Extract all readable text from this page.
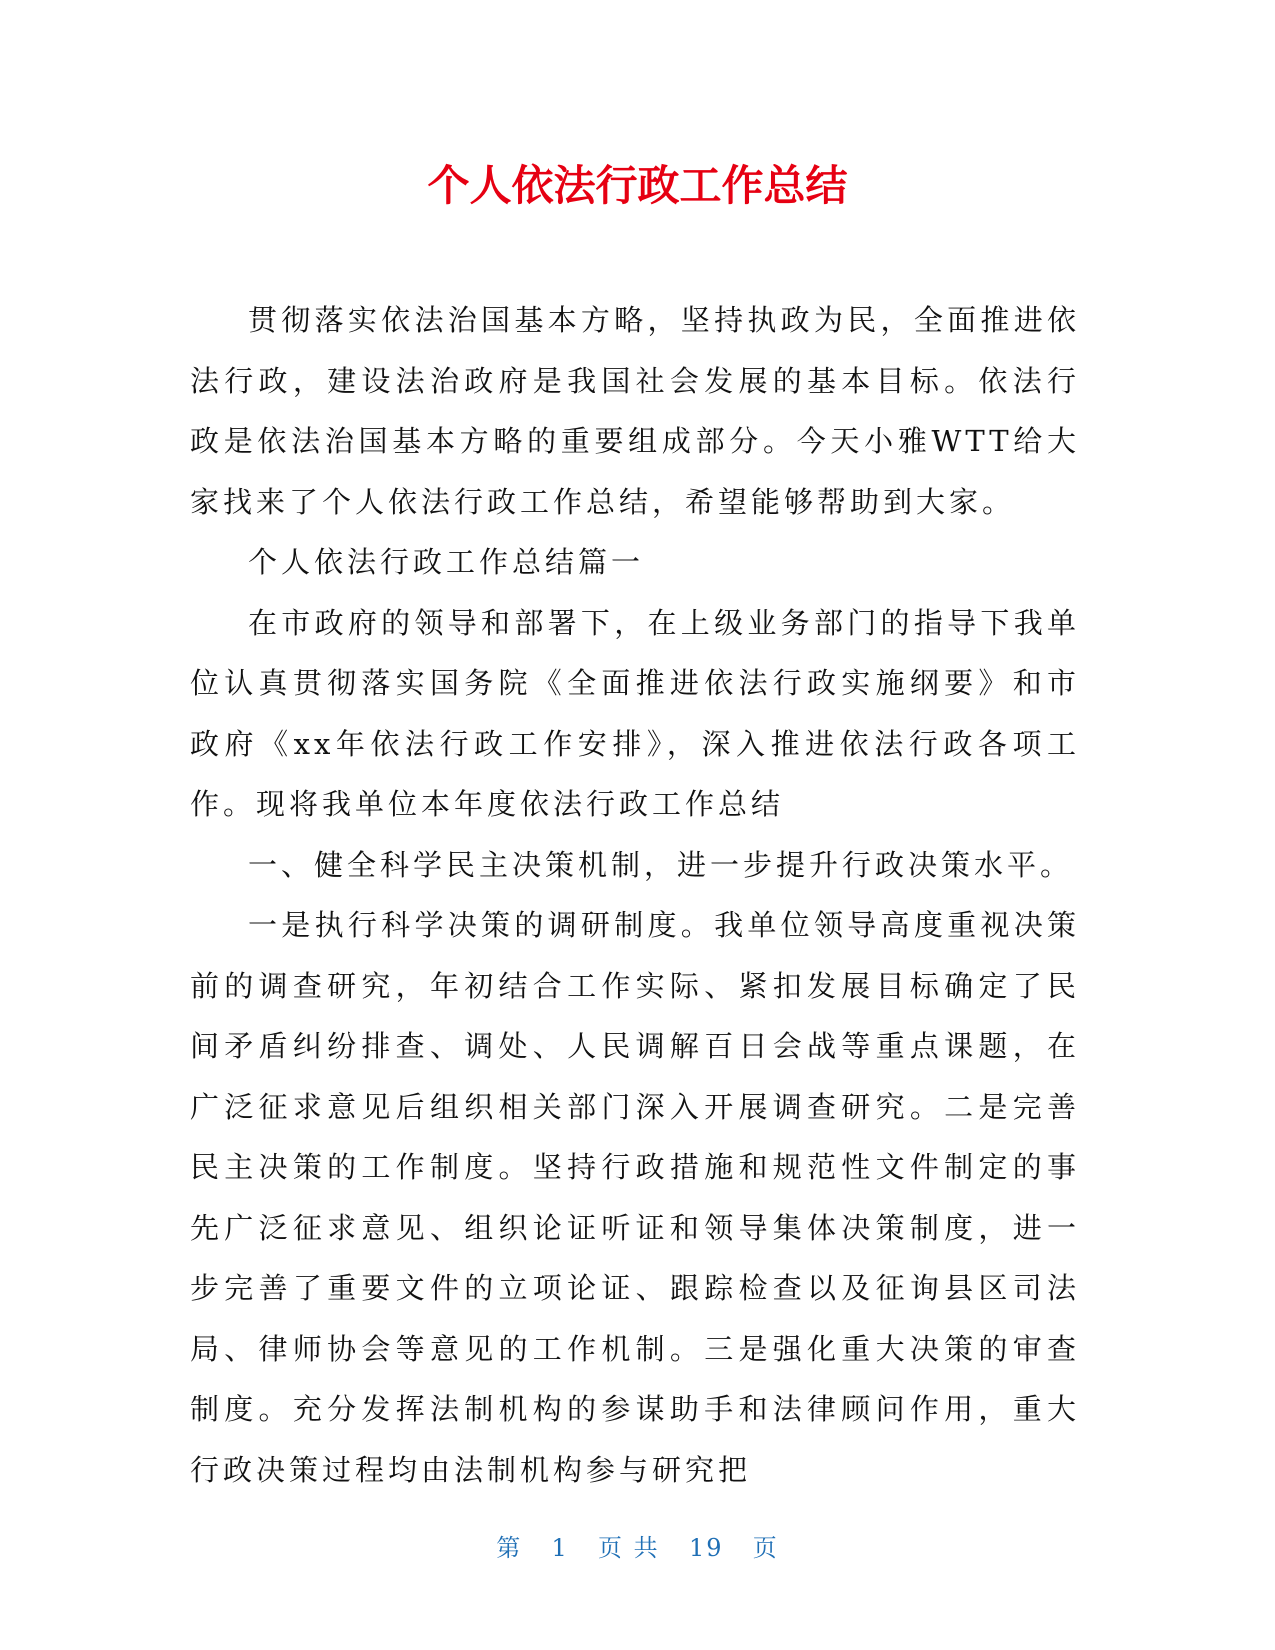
个人依法行政工作总结

贯彻落实依法治国基本方略，坚持执政为民，全面推进依法行政，建设法治政府是我国社会发展的基本目标。依法行政是依法治国基本方略的重要组成部分。今天小雅WTT给大家找来了个人依法行政工作总结，希望能够帮助到大家。

个人依法行政工作总结篇一

在市政府的领导和部署下，在上级业务部门的指导下我单位认真贯彻落实国务院《全面推进依法行政实施纲要》和市政府《xx年依法行政工作安排》，深入推进依法行政各项工作。现将我单位本年度依法行政工作总结

一、健全科学民主决策机制，进一步提升行政决策水平。

一是执行科学决策的调研制度。我单位领导高度重视决策前的调查研究，年初结合工作实际、紧扣发展目标确定了民间矛盾纠纷排查、调处、人民调解百日会战等重点课题，在广泛征求意见后组织相关部门深入开展调查研究。二是完善民主决策的工作制度。坚持行政措施和规范性文件制定的事先广泛征求意见、组织论证听证和领导集体决策制度，进一步完善了重要文件的立项论证、跟踪检查以及征询县区司法局、律师协会等意见的工作机制。三是强化重大决策的审查制度。充分发挥法制机构的参谋助手和法律顾问作用，重大行政决策过程均由法制机构参与研究把

第 1 页 共 19 页
